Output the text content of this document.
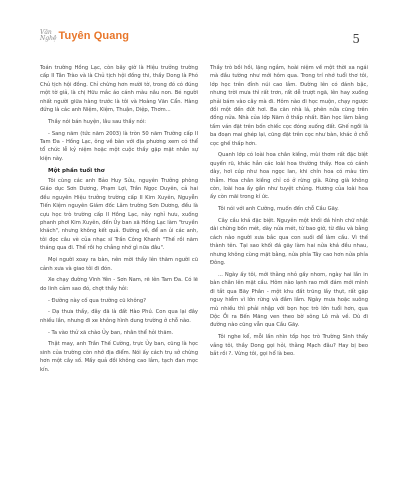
Văn
Nghệ Tuyên Quang	5

Toán trường Hồng Lạc, còn bây giờ là Hiệu trưởng trường cấp II Tân Trào và là Chủ tịch hội đồng thi, thầy Dong là Phó Chủ tịch hội đồng. Chỉ chừng hơn mười tờ, trong đó có đúng một tờ giả, là chị Hữu mắc áo cánh màu nâu non. Bé người nhất người giữa hàng trước là tôi và Hoàng Văn Cẩn. Hàng đứng là các anh Niệm, Kiệm, Thuận, Diệp, Thơm...

Thầy nói bán huyện, lâu sau thầy nói:

- Sang năm (tức năm 2003) là tròn 50 năm Trường cấp II Tam Đa - Hồng Lạc, ông về bàn với địa phương xem có thể tổ chức lễ kỷ niệm hoặc một cuộc thầy gặp mặt nhân sự kiện này.

Một phần tuổi thơ

Tôi cùng các anh Bảo Huy Sửu, nguyên Trưởng phòng Giáo dục Sơn Dương, Phạm Lợi, Trần Ngọc Duyên, cả hai đều nguyên Hiệu trưởng trường cấp II Kim Xuyên, Nguyễn Tiến Kiệm nguyên Giám đốc Lâm trường Sơn Dương, đều là cựu học trò trường cấp II Hồng Lạc, này nghỉ hưu, xuống phanh phơi Kim Xuyên, đến Ủy ban xã Hồng Lạc làm "truyền khách", nhưng không kết quả. Đường về, để an ủi các anh, tôi đọc câu vè của nhạc sĩ Trần Công Khanh "Thế rồi năm tháng qua đi. Thế rồi họ chẳng nhớ gì nữa đâu".

Mọi người xoay ra bàn, nên mời thầy lên thăm người cũ cảnh xưa và giao tôi đi đón.

Xe chạy đường Vĩnh Yên - Sơn Nam, rẽ lên Tam Đa. Có lẽ do linh cảm sao đó, chợt thầy hỏi:

- Đường này cố qua trường cũ không?

- Dạ thưa thầy, đây đã là đất Hào Phú. Con qua lại đây nhiều lần, nhưng đi xe không hình dung trường ở chỗ nào.

- Ta vào thử xã chào Ủy ban, nhân thể hỏi thăm.

Thật may, anh Trần Thế Cường, trực Ủy ban, cũng là học sinh của trường còn nhớ địa điểm. Nói ấy cách trụ sở chừng hơn một cây số. Mấy quả đồi không cao lắm, tạch đan mọc kín.

Thầy trò bồi hồi, lặng ngắm, hoài niệm về một thời xa ngái mà đầu tường như mới hôm qua. Trong trí nhớ tuổi thơ tôi, lớp học trên đỉnh núi cao lắm. Đường lên có đánh bậc, nhưng trời mưa thì rất trơn, rất dễ trượt ngã, lên hay xuống phải bám vào cây mà đi. Hôm nào đi học muộn, chạy ngược đồi một đến đứt hơi. Ba căn nhà lá, phên nứa cũng trên đồng nửa. Nhà của lớp Năm ở thấp nhất. Bàn học làm bằng tấm ván đặt trên bốn chiếc cọc đóng xuống đất. Ghế ngồi là ba đoạn mai ghép lại, cũng đặt trên cọc như bàn, khác ở chỗ cọc ghế thấp hơn.

Quanh lớp có loài hoa chân kiềng, mùi thơm rất đặc biệt quyến rũ, khác hẳn các loài hoa thường thấy. Hoa có cánh dày, hơi cúp như hoa ngọc lan, khi chín hoa có màu tím thẫm. Hoa chân kiềng chỉ có ở rừng già. Rừng già không còn, loài hoa ấy gần như tuyệt chủng. Hương của loài hoa ấy còn mãi trong kí ức.

Tôi nói với anh Cường, muốn đến chỗ Cầu Gãy.

Cây cầu khá đặc biệt. Nguyên một khối đá hình chữ nhật dài chừng bốn mét, dày nửa mét, từ bao giờ, từ đâu và bằng cách nào người xưa bắc qua con suối để làm cầu. Vì thế thành tên. Tại sao khối đá gãy làm hai nửa khá đều nhau, nhưng không cùng mặt bằng, nửa phía Tây cao hơn nửa phía Đông.

... Ngày ấy tôi, mới thằng nhỏ gầy nhom, ngày hai lần in bàn chân lên mặt cầu. Hôm nào lạnh rao mới đám mới mình đi tắt qua Bãy Phân - một khu đất trũng lầy thụt, rất gặp nguy hiểm vì lớn rừng và đầm lầm. Ngày mưa hoặc suông mù nhiều thì phải nhập với bọn học trò lớn tuổi hơn, qua Dộc Ồi ra Bến Măng ven theo bờ sông Lô mà về. Dù đi đường nào cũng vẫn qua Cầu Gãy.

Tôi nghe kể, mỗi lần nhìn tốp học trò Trường Sinh thấy vắng tôi, thầy Dong gọi hỏi, thằng Mạch đâu? Hay bị beo bắt rồi ?. Vừng tôi, gọi hổ là beo.
